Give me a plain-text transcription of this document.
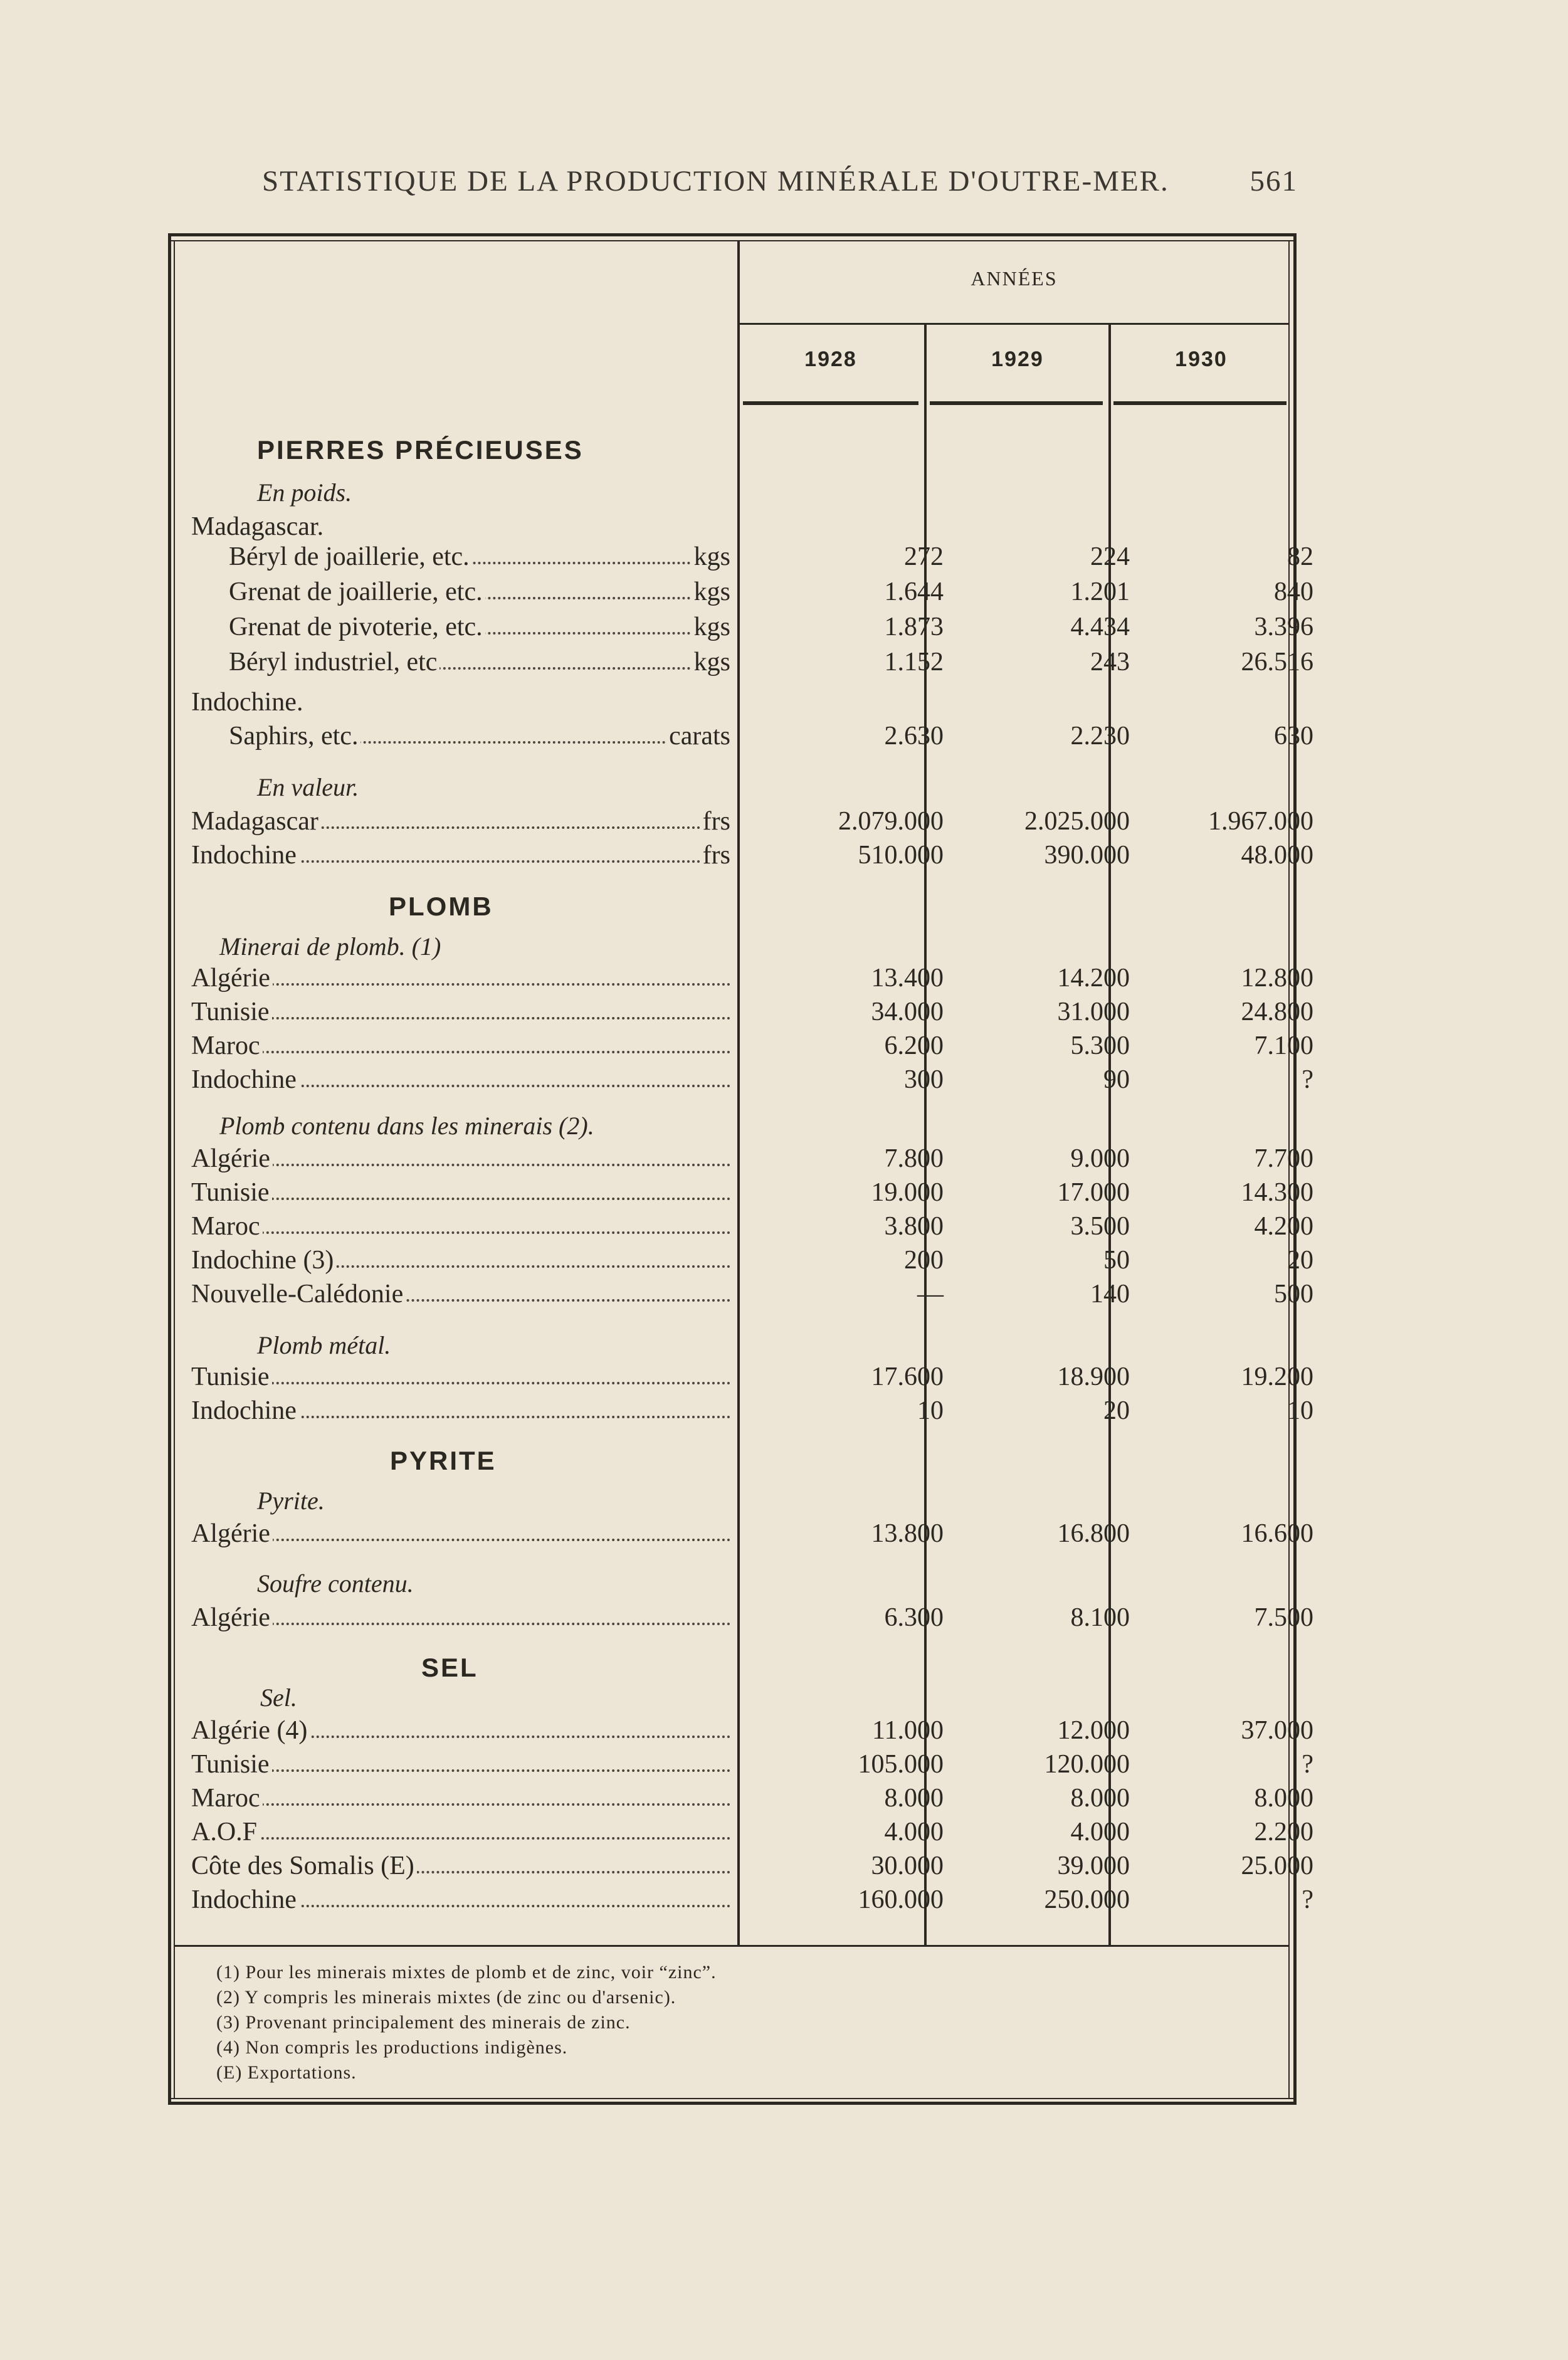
STATISTIQUE DE LA PRODUCTION MINÉRALE D'OUTRE-MER.	561
ANNÉES
1928	1929	1930
PIERRES PRÉCIEUSES
En poids.
Madagascar.
Béryl de joaillerie, etc.	kgs	272	224	82
Grenat de joaillerie, etc.	kgs	1.644	1.201	840
Grenat de pivoterie, etc.	kgs	1.873	4.434	3.396
Béryl industriel, etc	kgs	1.152	243	26.516
Indochine.
Saphirs, etc.	carats	2.630	2.230	630
En valeur.
Madagascar	frs	2.079.000	2.025.000	1.967.000
Indochine	frs	510.000	390.000	48.000
PLOMB
Minerai de plomb. (1)
Algérie	13.400	14.200	12.800
Tunisie	34.000	31.000	24.800
Maroc	6.200	5.300	7.100
Indochine	300	90	?
Plomb contenu dans les minerais (2).
Algérie	7.800	9.000	7.700
Tunisie	19.000	17.000	14.300
Maroc	3.800	3.500	4.200
Indochine (3)	200	50	20
Nouvelle-Calédonie	—	140	500
Plomb métal.
Tunisie	17.600	18.900	19.200
Indochine	10	20	10
PYRITE
Pyrite.
Algérie	13.800	16.800	16.600
Soufre contenu.
Algérie	6.300	8.100	7.500
SEL
Sel.
Algérie (4)	11.000	12.000	37.000
Tunisie	105.000	120.000	?
Maroc	8.000	8.000	8.000
A.O.F	4.000	4.000	2.200
Côte des Somalis (E)	30.000	39.000	25.000
Indochine	160.000	250.000	?
(1) Pour les minerais mixtes de plomb et de zinc, voir “zinc”.
(2) Y compris les minerais mixtes (de zinc ou d'arsenic).
(3) Provenant principalement des minerais de zinc.
(4) Non compris les productions indigènes.
(E) Exportations.
